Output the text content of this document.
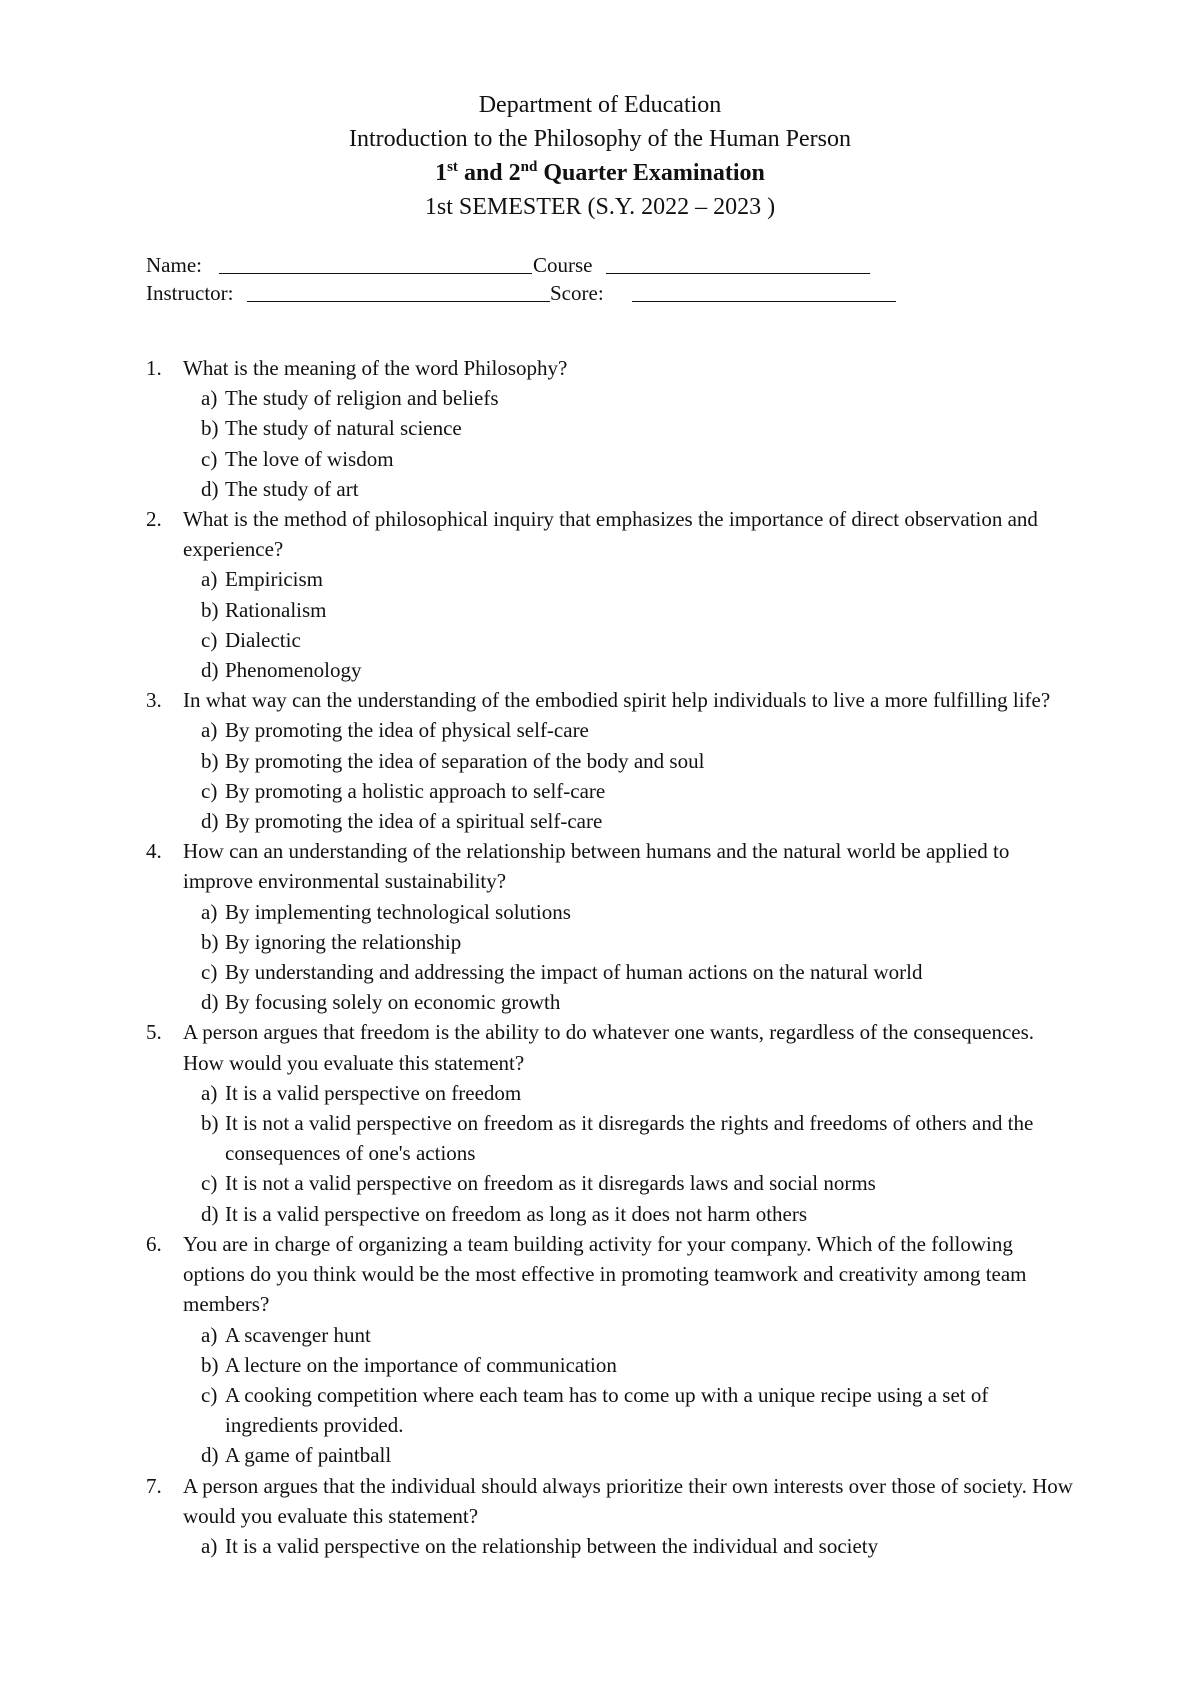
Department of Education
Introduction to the Philosophy of the Human Person
1st and 2nd Quarter Examination
1st SEMESTER (S.Y. 2022 – 2023 )
Name:	Course
Instructor:	Score:
1. What is the meaning of the word Philosophy?
a) The study of religion and beliefs
b) The study of natural science
c) The love of wisdom
d) The study of art
2. What is the method of philosophical inquiry that emphasizes the importance of direct observation and experience?
a) Empiricism
b) Rationalism
c) Dialectic
d) Phenomenology
3. In what way can the understanding of the embodied spirit help individuals to live a more fulfilling life?
a) By promoting the idea of physical self-care
b) By promoting the idea of separation of the body and soul
c) By promoting a holistic approach to self-care
d) By promoting the idea of a spiritual self-care
4. How can an understanding of the relationship between humans and the natural world be applied to improve environmental sustainability?
a) By implementing technological solutions
b) By ignoring the relationship
c) By understanding and addressing the impact of human actions on the natural world
d) By focusing solely on economic growth
5. A person argues that freedom is the ability to do whatever one wants, regardless of the consequences. How would you evaluate this statement?
a) It is a valid perspective on freedom
b) It is not a valid perspective on freedom as it disregards the rights and freedoms of others and the consequences of one's actions
c) It is not a valid perspective on freedom as it disregards laws and social norms
d) It is a valid perspective on freedom as long as it does not harm others
6. You are in charge of organizing a team building activity for your company. Which of the following options do you think would be the most effective in promoting teamwork and creativity among team members?
a) A scavenger hunt
b) A lecture on the importance of communication
c) A cooking competition where each team has to come up with a unique recipe using a set of ingredients provided.
d) A game of paintball
7. A person argues that the individual should always prioritize their own interests over those of society. How would you evaluate this statement?
a) It is a valid perspective on the relationship between the individual and society
